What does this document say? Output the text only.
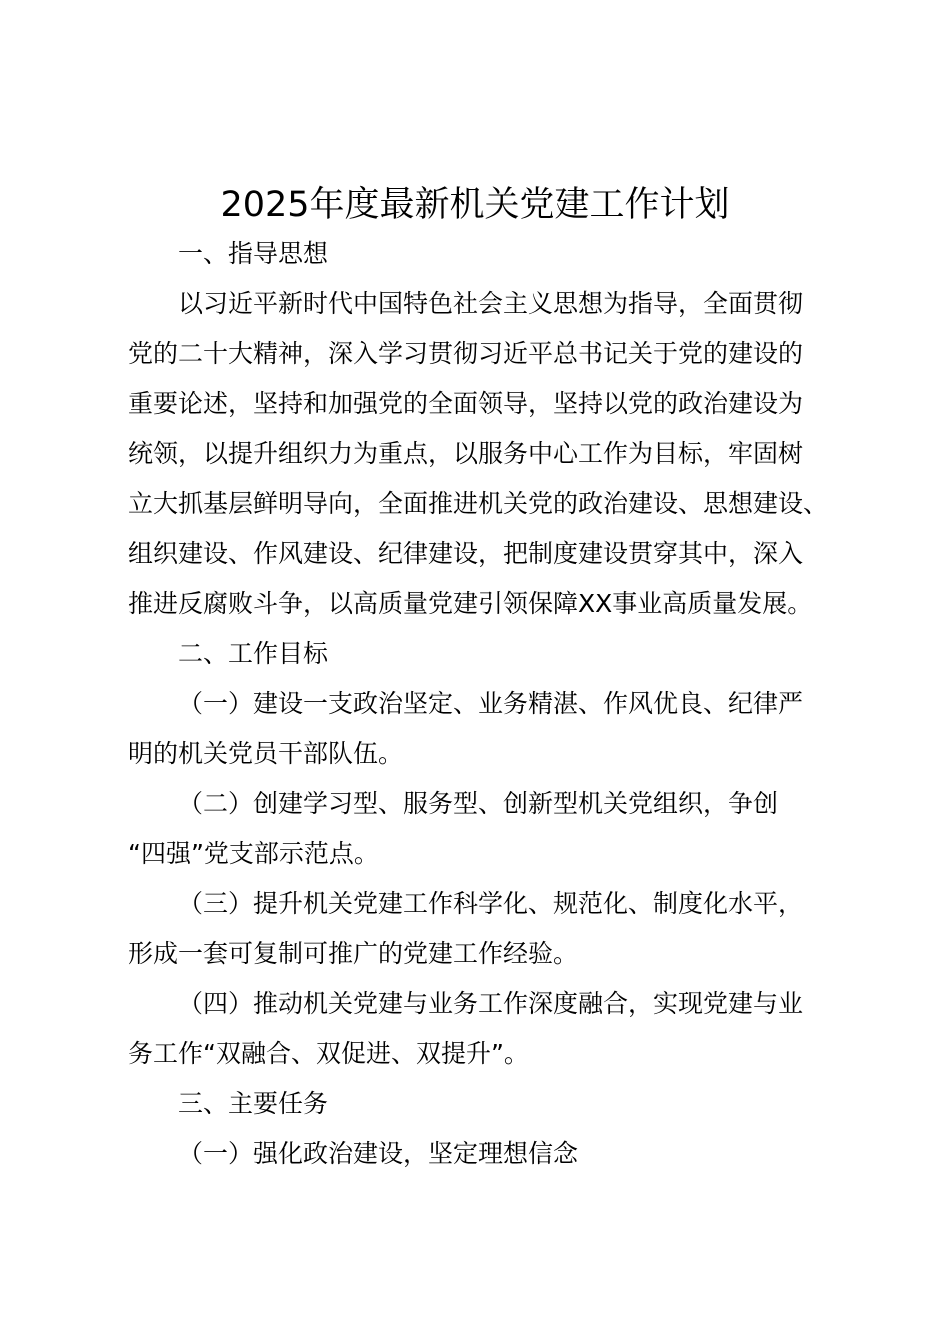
2025年度最新机关党建工作计划
一、指导思想
以习近平新时代中国特色社会主义思想为指导，全面贯彻
党的二十大精神，深入学习贯彻习近平总书记关于党的建设的
重要论述，坚持和加强党的全面领导，坚持以党的政治建设为
统领，以提升组织力为重点，以服务中心工作为目标，牢固树
立大抓基层鲜明导向，全面推进机关党的政治建设、思想建设、
组织建设、作风建设、纪律建设，把制度建设贯穿其中，深入
推进反腐败斗争，以高质量党建引领保障XX事业高质量发展。
二、工作目标
（一）建设一支政治坚定、业务精湛、作风优良、纪律严
明的机关党员干部队伍。
（二）创建学习型、服务型、创新型机关党组织，争创
“四强”党支部示范点。
（三）提升机关党建工作科学化、规范化、制度化水平，
形成一套可复制可推广的党建工作经验。
（四）推动机关党建与业务工作深度融合，实现党建与业
务工作“双融合、双促进、双提升”。
三、主要任务
（一）强化政治建设，坚定理想信念
